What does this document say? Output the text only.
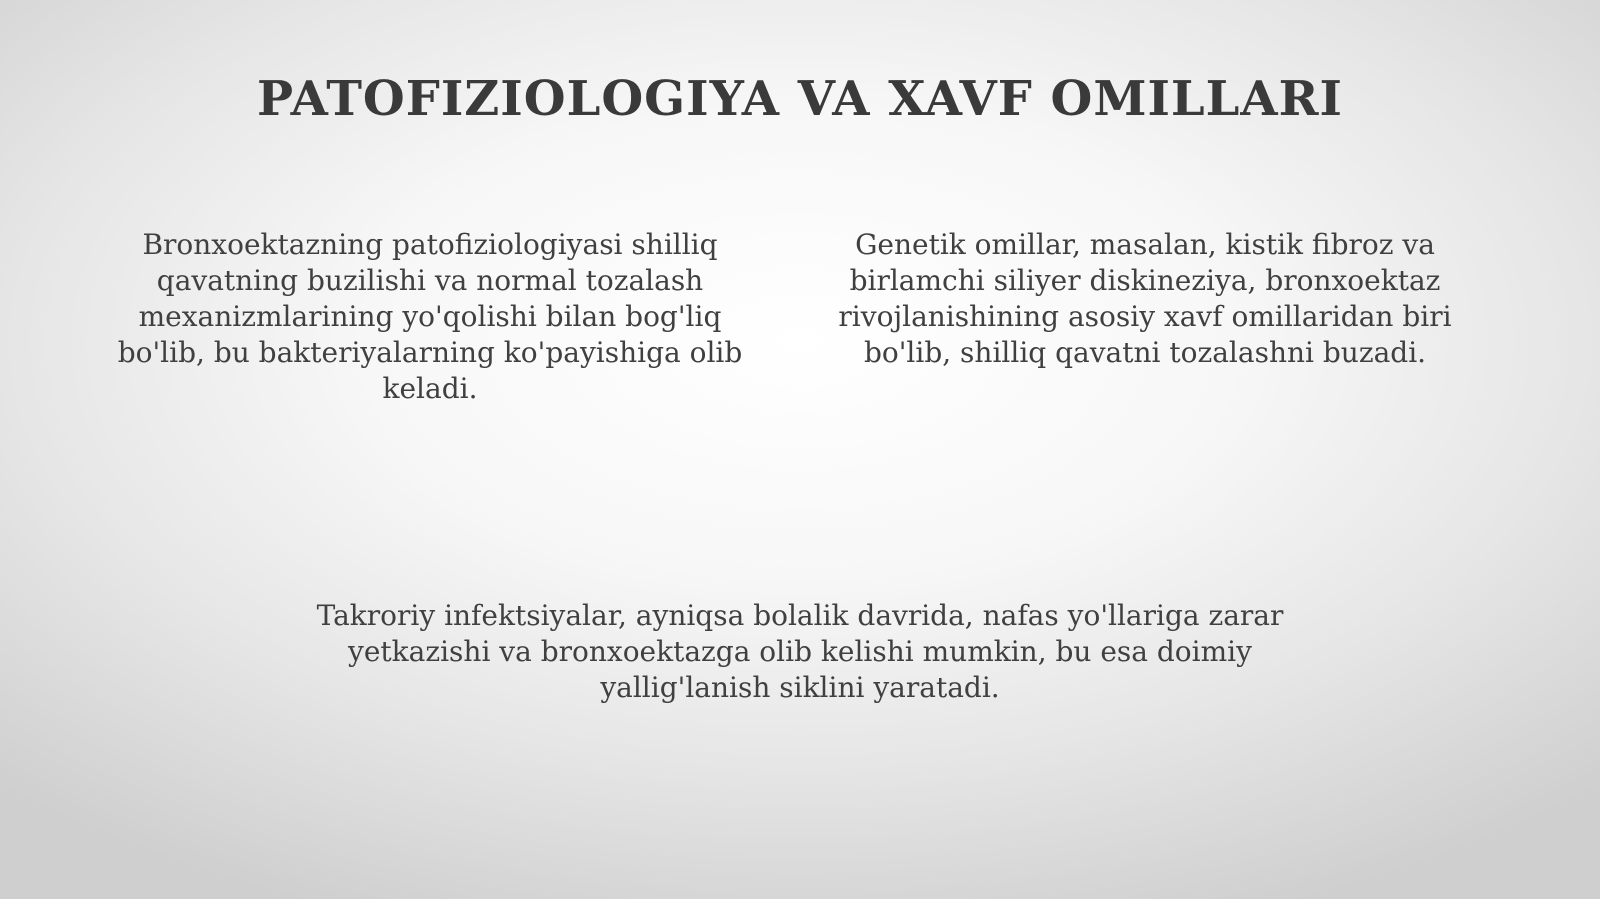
PATOFIZIOLOGIYA VA XAVF OMILLARI

Bronxoektazning patofiziologiyasi shilliq qavatning buzilishi va normal tozalash mexanizmlarining yo'qolishi bilan bog'liq bo'lib, bu bakteriyalarning ko'payishiga olib keladi.

Genetik omillar, masalan, kistik fibroz va birlamchi siliyer diskineziya, bronxoektaz rivojlanishining asosiy xavf omillaridan biri bo'lib, shilliq qavatni tozalashni buzadi.

Takroriy infektsiyalar, ayniqsa bolalik davrida, nafas yo'llariga zarar yetkazishi va bronxoektazga olib kelishi mumkin, bu esa doimiy yallig'lanish siklini yaratadi.
